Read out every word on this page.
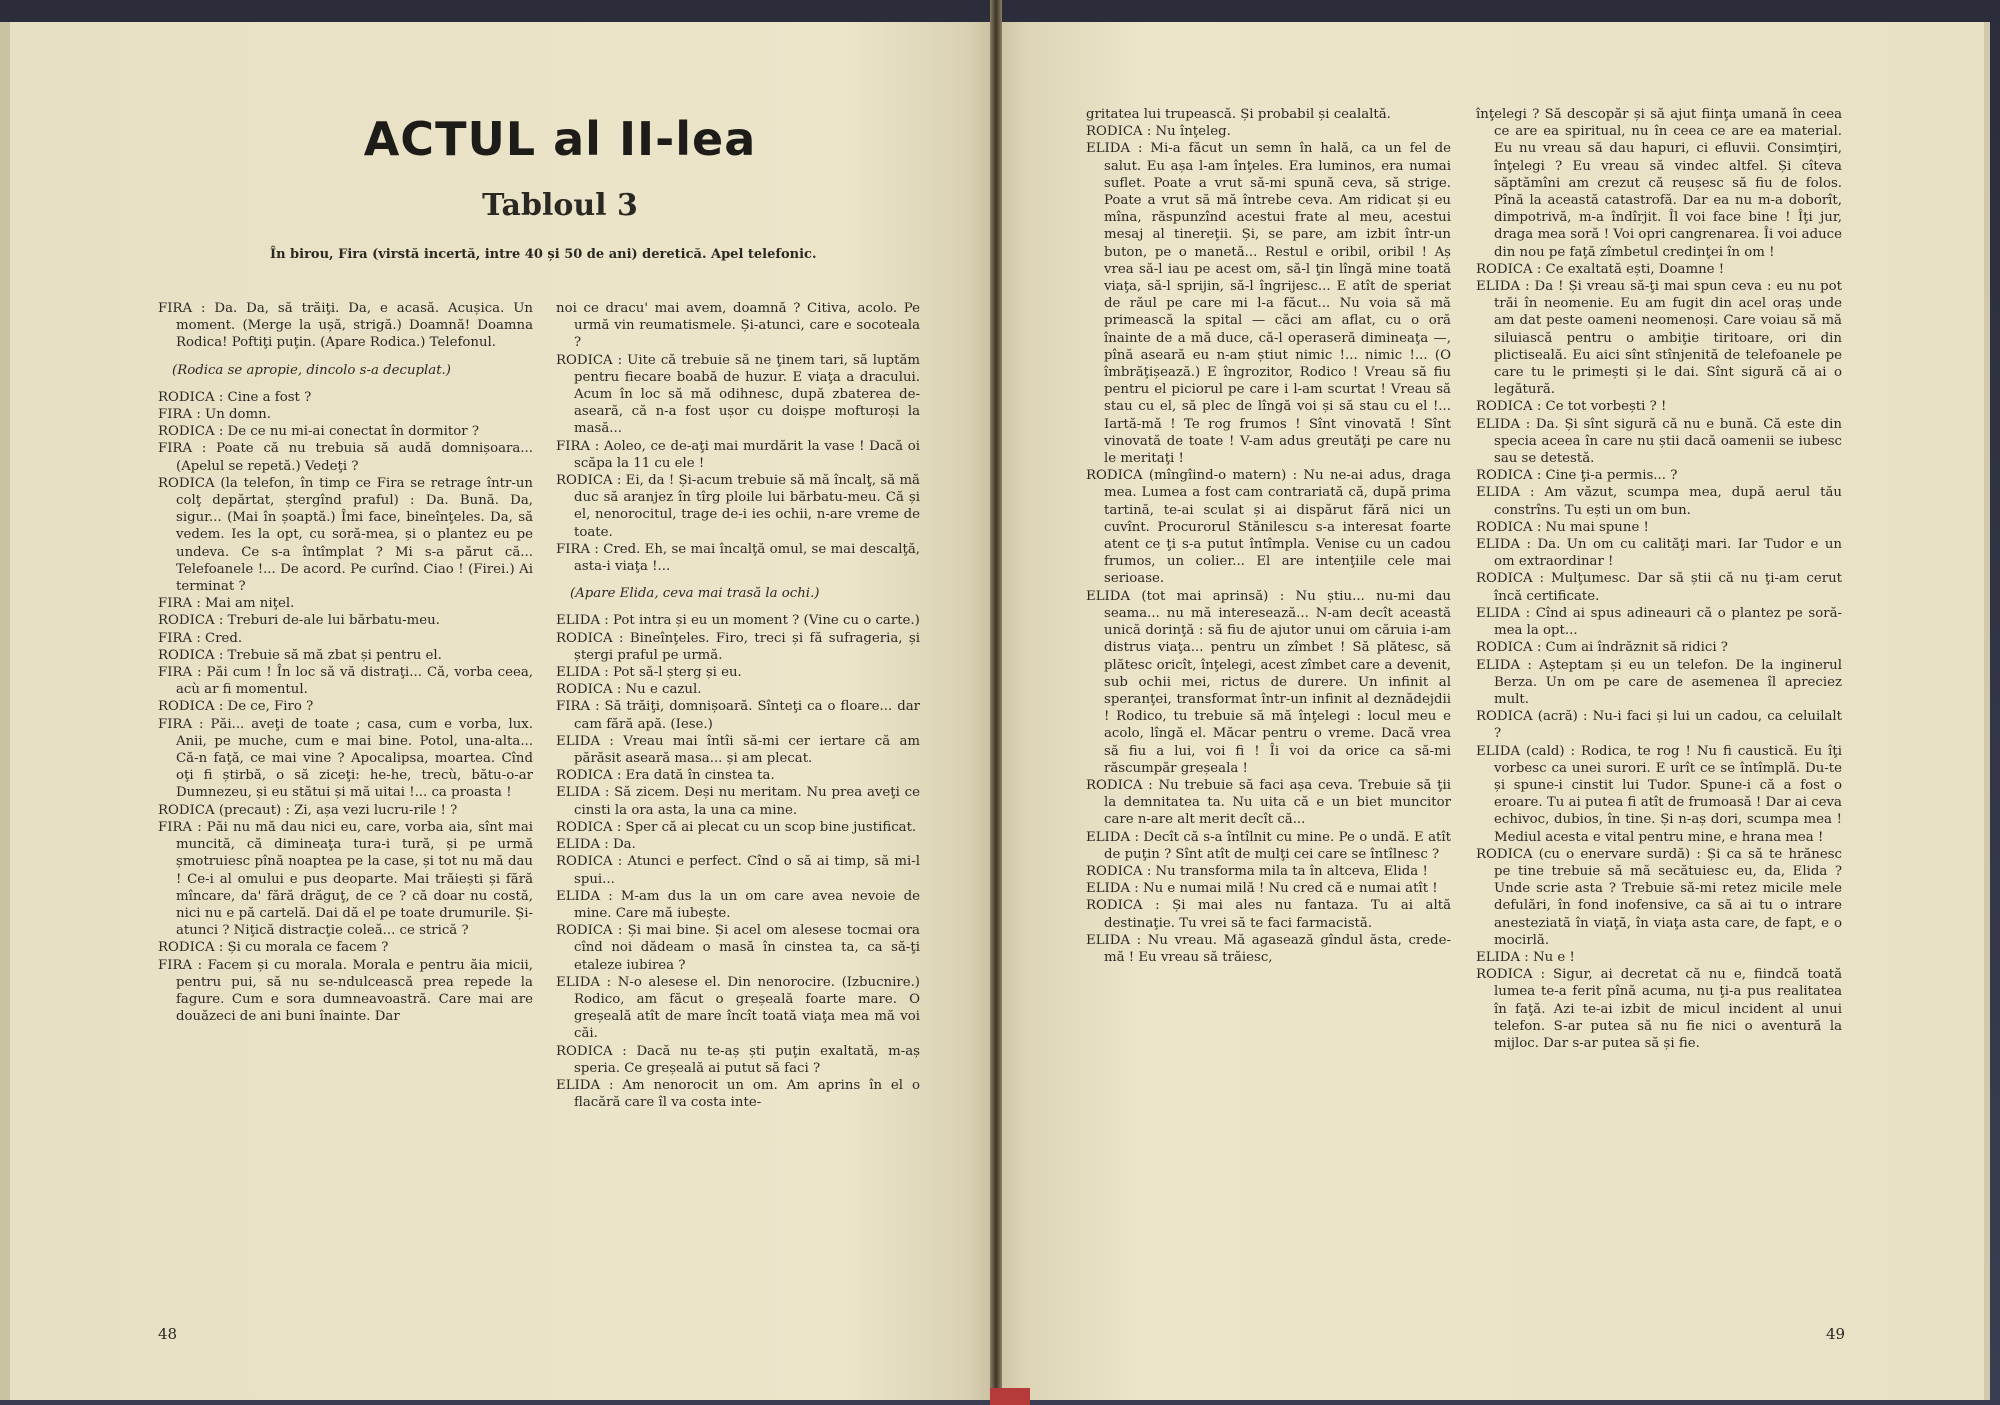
ACTUL al II-lea
Tabloul 3

În birou, Fira (virstă incertă, intre 40 și 50 de ani) deretică. Apel telefonic.

FIRA : Da. Da, să trăiţi. Da, e acasă. Acușica. Un moment. (Merge la ușă, strigă.) Doamnă! Doamna Rodica! Poftiţi puţin. (Apare Rodica.) Telefonul.

(Rodica se apropie, dincolo s-a decuplat.)

RODICA : Cine a fost ?

FIRA : Un domn.

RODICA : De ce nu mi-ai conectat în dormitor ?

FIRA : Poate că nu trebuia să audă domnișoara... (Apelul se repetă.) Vedeţi ?

RODICA (la telefon, în timp ce Fira se retrage într-un colţ depărtat, ștergînd praful) : Da. Bună. Da, sigur... (Mai în șoaptă.) Îmi face, bineînţeles. Da, să vedem. Ies la opt, cu soră-mea, și o plantez eu pe undeva. Ce s-a întîmplat ? Mi s-a părut că... Telefoanele !... De acord. Pe curînd. Ciao ! (Firei.) Ai terminat ?

FIRA : Mai am niţel.

RODICA : Treburi de-ale lui bărbatu-meu.

FIRA : Cred.

RODICA : Trebuie să mă zbat și pentru el.

FIRA : Păi cum ! În loc să vă distraţi... Că, vorba ceea, acù ar fi momentul.

RODICA : De ce, Firo ?

FIRA : Păi... aveţi de toate ; casa, cum e vorba, lux. Anii, pe muche, cum e mai bine. Potol, una-alta... Că-n faţă, ce mai vine ? Apocalipsa, moartea. Cînd oţi fi știrbă, o să ziceţi: he-he, trecù, bătu-o-ar Dumnezeu, și eu stătui și mă uitai !... ca proasta !

RODICA (precaut) : Zi, așa vezi lucru-rile ! ?

FIRA : Păi nu mă dau nici eu, care, vorba aia, sînt mai muncită, că dimineaţa tura-i tură, și pe urmă șmotruiesc pînă noaptea pe la case, și tot nu mă dau ! Ce-i al omului e pus deoparte. Mai trăiești și fără mîncare, da' fără drăguţ, de ce ? că doar nu costă, nici nu e pă cartelă. Dai dă el pe toate drumurile. Și-atunci ? Niţică distracţie coleă... ce strică ?

RODICA : Și cu morala ce facem ?

FIRA : Facem și cu morala. Morala e pentru ăia micii, pentru pui, să nu se-ndulcească prea repede la fagure. Cum e sora dumneavoastră. Care mai are douăzeci de ani buni înainte. Dar

noi ce dracu' mai avem, doamnă ? Citiva, acolo. Pe urmă vin reumatismele. Și-atunci, care e socoteala ?

RODICA : Uite că trebuie să ne ţinem tari, să luptăm pentru fiecare boabă de huzur. E viaţa a dracului. Acum în loc să mă odihnesc, după zbaterea de-aseară, că n-a fost ușor cu doișpe mofturoși la masă...

FIRA : Aoleo, ce de-aţi mai murdărit la vase ! Dacă oi scăpa la 11 cu ele !

RODICA : Ei, da ! Și-acum trebuie să mă încalţ, să mă duc să aranjez în tîrg ploile lui bărbatu-meu. Că și el, nenorocitul, trage de-i ies ochii, n-are vreme de toate.

FIRA : Cred. Eh, se mai încalţă omul, se mai descalţă, asta-i viaţa !...

(Apare Elida, ceva mai trasă la ochi.)

ELIDA : Pot intra și eu un moment ? (Vine cu o carte.)

RODICA : Bineînţeles. Firo, treci și fă sufrageria, și ștergi praful pe urmă.

ELIDA : Pot să-l șterg și eu.

RODICA : Nu e cazul.

FIRA : Să trăiţi, domnișoară. Sînteţi ca o floare... dar cam fără apă. (Iese.)

ELIDA : Vreau mai întîi să-mi cer iertare că am părăsit aseară masa... și am plecat.

RODICA : Era dată în cinstea ta.

ELIDA : Să zicem. Deși nu meritam. Nu prea aveţi ce cinsti la ora asta, la una ca mine.

RODICA : Sper că ai plecat cu un scop bine justificat.

ELIDA : Da.

RODICA : Atunci e perfect. Cînd o să ai timp, să mi-l spui...

ELIDA : M-am dus la un om care avea nevoie de mine. Care mă iubește.

RODICA : Și mai bine. Și acel om alesese tocmai ora cînd noi dădeam o masă în cinstea ta, ca să-ţi etaleze iubirea ?

ELIDA : N-o alesese el. Din nenorocire. (Izbucnire.) Rodico, am făcut o greșeală foarte mare. O greșeală atît de mare încît toată viaţa mea mă voi căi.

RODICA : Dacă nu te-aș ști puţin exaltată, m-aș speria. Ce greșeală ai putut să faci ?

ELIDA : Am nenorocit un om. Am aprins în el o flacără care îl va costa inte-

48

gritatea lui trupească. Și probabil și cealaltă.

RODICA : Nu înţeleg.

ELIDA : Mi-a făcut un semn în hală, ca un fel de salut. Eu așa l-am înţeles. Era luminos, era numai suflet. Poate a vrut să-mi spună ceva, să strige. Poate a vrut să mă întrebe ceva. Am ridicat și eu mîna, răspunzînd acestui frate al meu, acestui mesaj al tinereţii. Și, se pare, am izbit într-un buton, pe o manetă... Restul e oribil, oribil ! Aș vrea să-l iau pe acest om, să-l ţin lîngă mine toată viaţa, să-l sprijin, să-l îngrijesc... E atît de speriat de răul pe care mi l-a făcut... Nu voia să mă primească la spital — căci am aflat, cu o oră înainte de a mă duce, că-l operaseră dimineaţa —, pînă aseară eu n-am știut nimic !... nimic !... (O îmbrăţișează.) E îngrozitor, Rodico ! Vreau să fiu pentru el piciorul pe care i l-am scurtat ! Vreau să stau cu el, să plec de lîngă voi și să stau cu el !... Iartă-mă ! Te rog frumos ! Sînt vinovată ! Sînt vinovată de toate ! V-am adus greutăţi pe care nu le meritaţi !

RODICA (mîngîind-o matern) : Nu ne-ai adus, draga mea. Lumea a fost cam contrariată că, după prima tartină, te-ai sculat și ai dispărut fără nici un cuvînt. Procurorul Stănilescu s-a interesat foarte atent ce ţi s-a putut întîmpla. Venise cu un cadou frumos, un colier... El are intenţiile cele mai serioase.

ELIDA (tot mai aprinsă) : Nu știu... nu-mi dau seama... nu mă interesează... N-am decît această unică dorinţă : să fiu de ajutor unui om căruia i-am distrus viaţa... pentru un zîmbet ! Să plătesc, să plătesc oricît, înţelegi, acest zîmbet care a devenit, sub ochii mei, rictus de durere. Un infinit al speranţei, transformat într-un infinit al deznădejdii ! Rodico, tu trebuie să mă înţelegi : locul meu e acolo, lîngă el. Măcar pentru o vreme. Dacă vrea să fiu a lui, voi fi ! Îi voi da orice ca să-mi răscumpăr greșeala !

RODICA : Nu trebuie să faci așa ceva. Trebuie să ţii la demnitatea ta. Nu uita că e un biet muncitor care n-are alt merit decît că...

ELIDA : Decît că s-a întîlnit cu mine. Pe o undă. E atît de puţin ? Sînt atît de mulţi cei care se întîlnesc ?

RODICA : Nu transforma mila ta în altceva, Elida !

ELIDA : Nu e numai milă ! Nu cred că e numai atît !

RODICA : Și mai ales nu fantaza. Tu ai altă destinaţie. Tu vrei să te faci farmacistă.

ELIDA : Nu vreau. Mă agasează gîndul ăsta, crede-mă ! Eu vreau să trăiesc,

înţelegi ? Să descopăr și să ajut fiinţa umană în ceea ce are ea spiritual, nu în ceea ce are ea material. Eu nu vreau să dau hapuri, ci efluvii. Consimţiri, înţelegi ? Eu vreau să vindec altfel. Și cîteva săptămîni am crezut că reușesc să fiu de folos. Pînă la această catastrofă. Dar ea nu m-a doborît, dimpotrivă, m-a îndîrjit. Îl voi face bine ! Îţi jur, draga mea soră ! Voi opri cangrenarea. Îi voi aduce din nou pe faţă zîmbetul credinţei în om !

RODICA : Ce exaltată ești, Doamne !

ELIDA : Da ! Și vreau să-ţi mai spun ceva : eu nu pot trăi în neomenie. Eu am fugit din acel oraș unde am dat peste oameni neomenoși. Care voiau să mă siluiască pentru o ambiţie tiritoare, ori din plictiseală. Eu aici sînt stînjenită de telefoanele pe care tu le primești și le dai. Sînt sigură că ai o legătură.

RODICA : Ce tot vorbești ? !

ELIDA : Da. Și sînt sigură că nu e bună. Că este din specia aceea în care nu știi dacă oamenii se iubesc sau se detestă.

RODICA : Cine ţi-a permis... ?

ELIDA : Am văzut, scumpa mea, după aerul tău constrîns. Tu ești un om bun.

RODICA : Nu mai spune !

ELIDA : Da. Un om cu calităţi mari. Iar Tudor e un om extraordinar !

RODICA : Mulţumesc. Dar să știi că nu ţi-am cerut încă certificate.

ELIDA : Cînd ai spus adineauri că o plantez pe soră-mea la opt...

RODICA : Cum ai îndrăznit să ridici ?

ELIDA : Așteptam și eu un telefon. De la inginerul Berza. Un om pe care de asemenea îl apreciez mult.

RODICA (acră) : Nu-i faci și lui un cadou, ca celuilalt ?

ELIDA (cald) : Rodica, te rog ! Nu fi caustică. Eu îţi vorbesc ca unei surori. E urît ce se întîmplă. Du-te și spune-i cinstit lui Tudor. Spune-i că a fost o eroare. Tu ai putea fi atît de frumoasă ! Dar ai ceva echivoc, dubios, în tine. Și n-aș dori, scumpa mea ! Mediul acesta e vital pentru mine, e hrana mea !

RODICA (cu o enervare surdă) : Și ca să te hrănesc pe tine trebuie să mă secătuiesc eu, da, Elida ? Unde scrie asta ? Trebuie să-mi retez micile mele defulări, în fond inofensive, ca să ai tu o intrare anesteziată în viaţă, în viaţa asta care, de fapt, e o mocirlă.

ELIDA : Nu e !

RODICA : Sigur, ai decretat că nu e, fiindcă toată lumea te-a ferit pînă acuma, nu ţi-a pus realitatea în faţă. Azi te-ai izbit de micul incident al unui telefon. S-ar putea să nu fie nici o aventură la mijloc. Dar s-ar putea să și fie.

49
